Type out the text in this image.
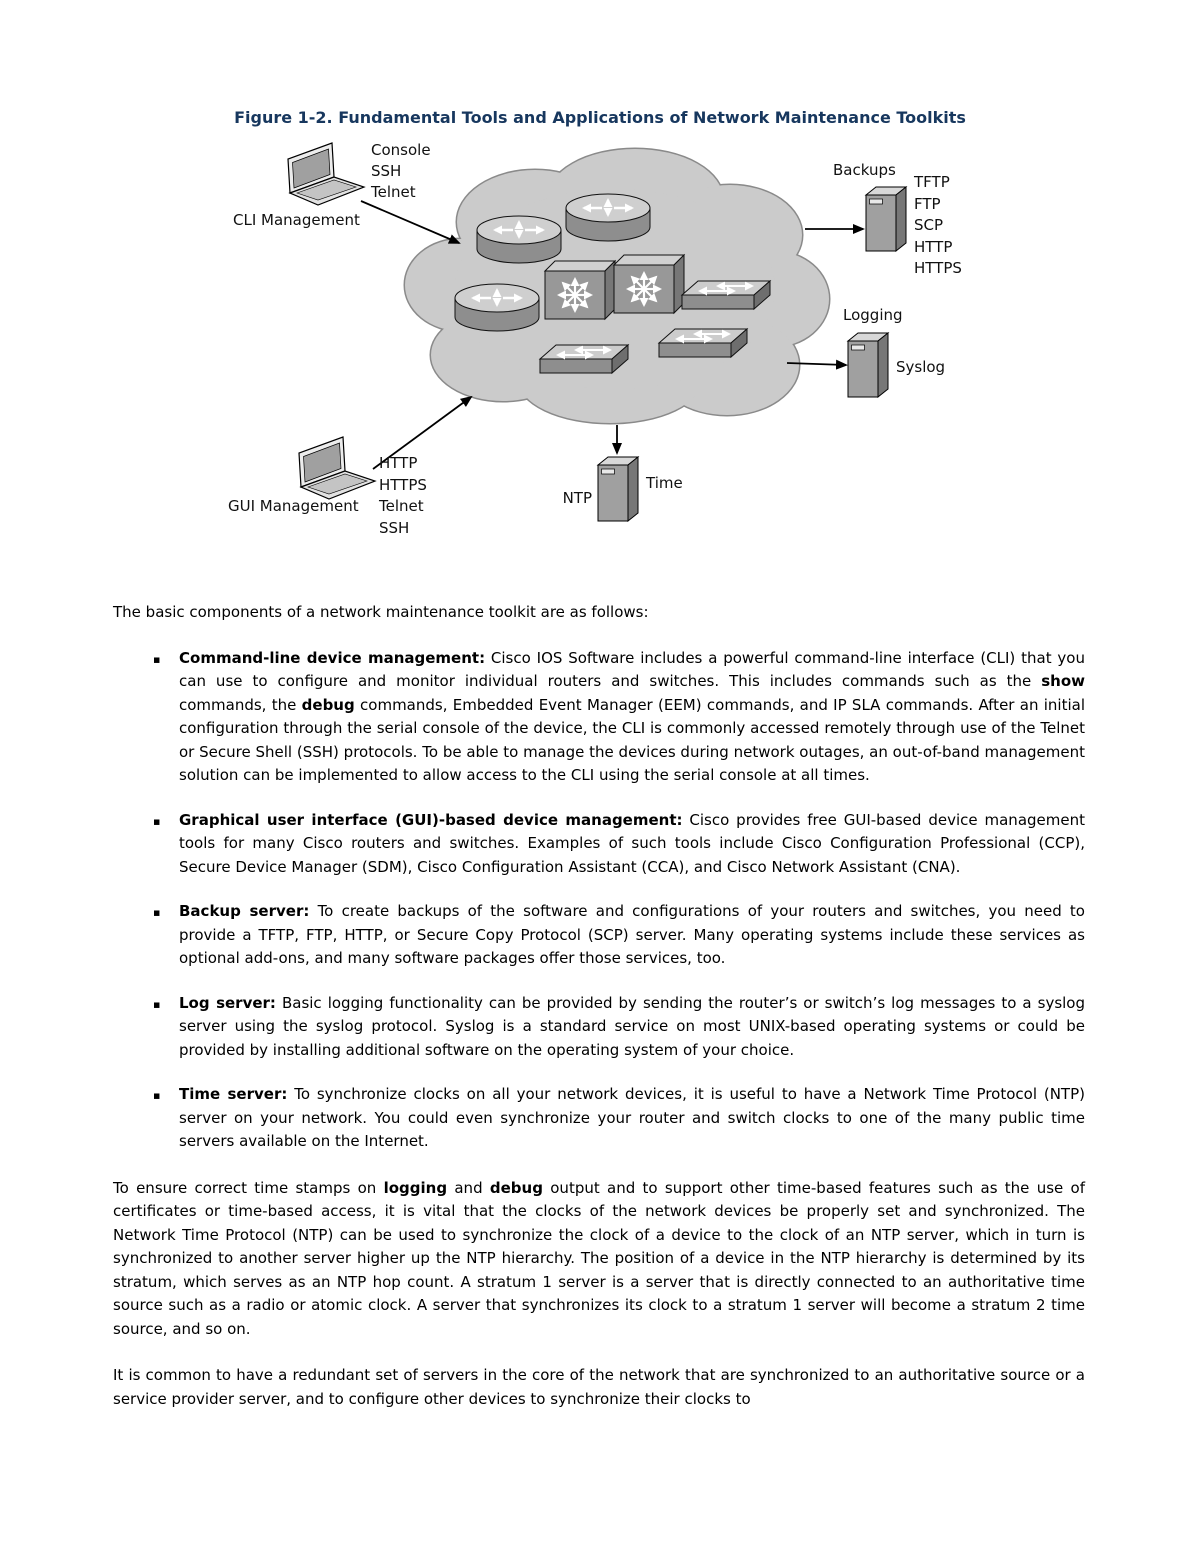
Figure 1-2. Fundamental Tools and Applications of Network Maintenance Toolkits
Console
SSH
Telnet
CLI Management
Backups
TFTP
FTP
SCP
HTTP
HTTPS
Logging
Syslog
HTTP
HTTPS
Telnet
SSH
GUI Management	NTP
Time

The basic components of a network maintenance toolkit are as follows:

▪ Command-line device management: Cisco IOS Software includes a powerful command-line interface (CLI) that you can use to configure and monitor individual routers and switches. This includes commands such as the show commands, the debug commands, Embedded Event Manager (EEM) commands, and IP SLA commands. After an initial configuration through the serial console of the device, the CLI is commonly accessed remotely through use of the Telnet or Secure Shell (SSH) protocols. To be able to manage the devices during network outages, an out-of-band management solution can be implemented to allow access to the CLI using the serial console at all times.
▪ Graphical user interface (GUI)-based device management: Cisco provides free GUI-based device management tools for many Cisco routers and switches. Examples of such tools include Cisco Configuration Professional (CCP), Secure Device Manager (SDM), Cisco Configuration Assistant (CCA), and Cisco Network Assistant (CNA).
▪ Backup server: To create backups of the software and configurations of your routers and switches, you need to provide a TFTP, FTP, HTTP, or Secure Copy Protocol (SCP) server. Many operating systems include these services as optional add-ons, and many software packages offer those services, too.
▪ Log server: Basic logging functionality can be provided by sending the router’s or switch’s log messages to a syslog server using the syslog protocol. Syslog is a standard service on most UNIX-based operating systems or could be provided by installing additional software on the operating system of your choice.
▪ Time server: To synchronize clocks on all your network devices, it is useful to have a Network Time Protocol (NTP) server on your network. You could even synchronize your router and switch clocks to one of the many public time servers available on the Internet.

To ensure correct time stamps on logging and debug output and to support other time-based features such as the use of certificates or time-based access, it is vital that the clocks of the network devices be properly set and synchronized. The Network Time Protocol (NTP) can be used to synchronize the clock of a device to the clock of an NTP server, which in turn is synchronized to another server higher up the NTP hierarchy. The position of a device in the NTP hierarchy is determined by its stratum, which serves as an NTP hop count. A stratum 1 server is a server that is directly connected to an authoritative time source such as a radio or atomic clock. A server that synchronizes its clock to a stratum 1 server will become a stratum 2 time source, and so on.

It is common to have a redundant set of servers in the core of the network that are synchronized to an authoritative source or a service provider server, and to configure other devices to synchronize their clocks to
